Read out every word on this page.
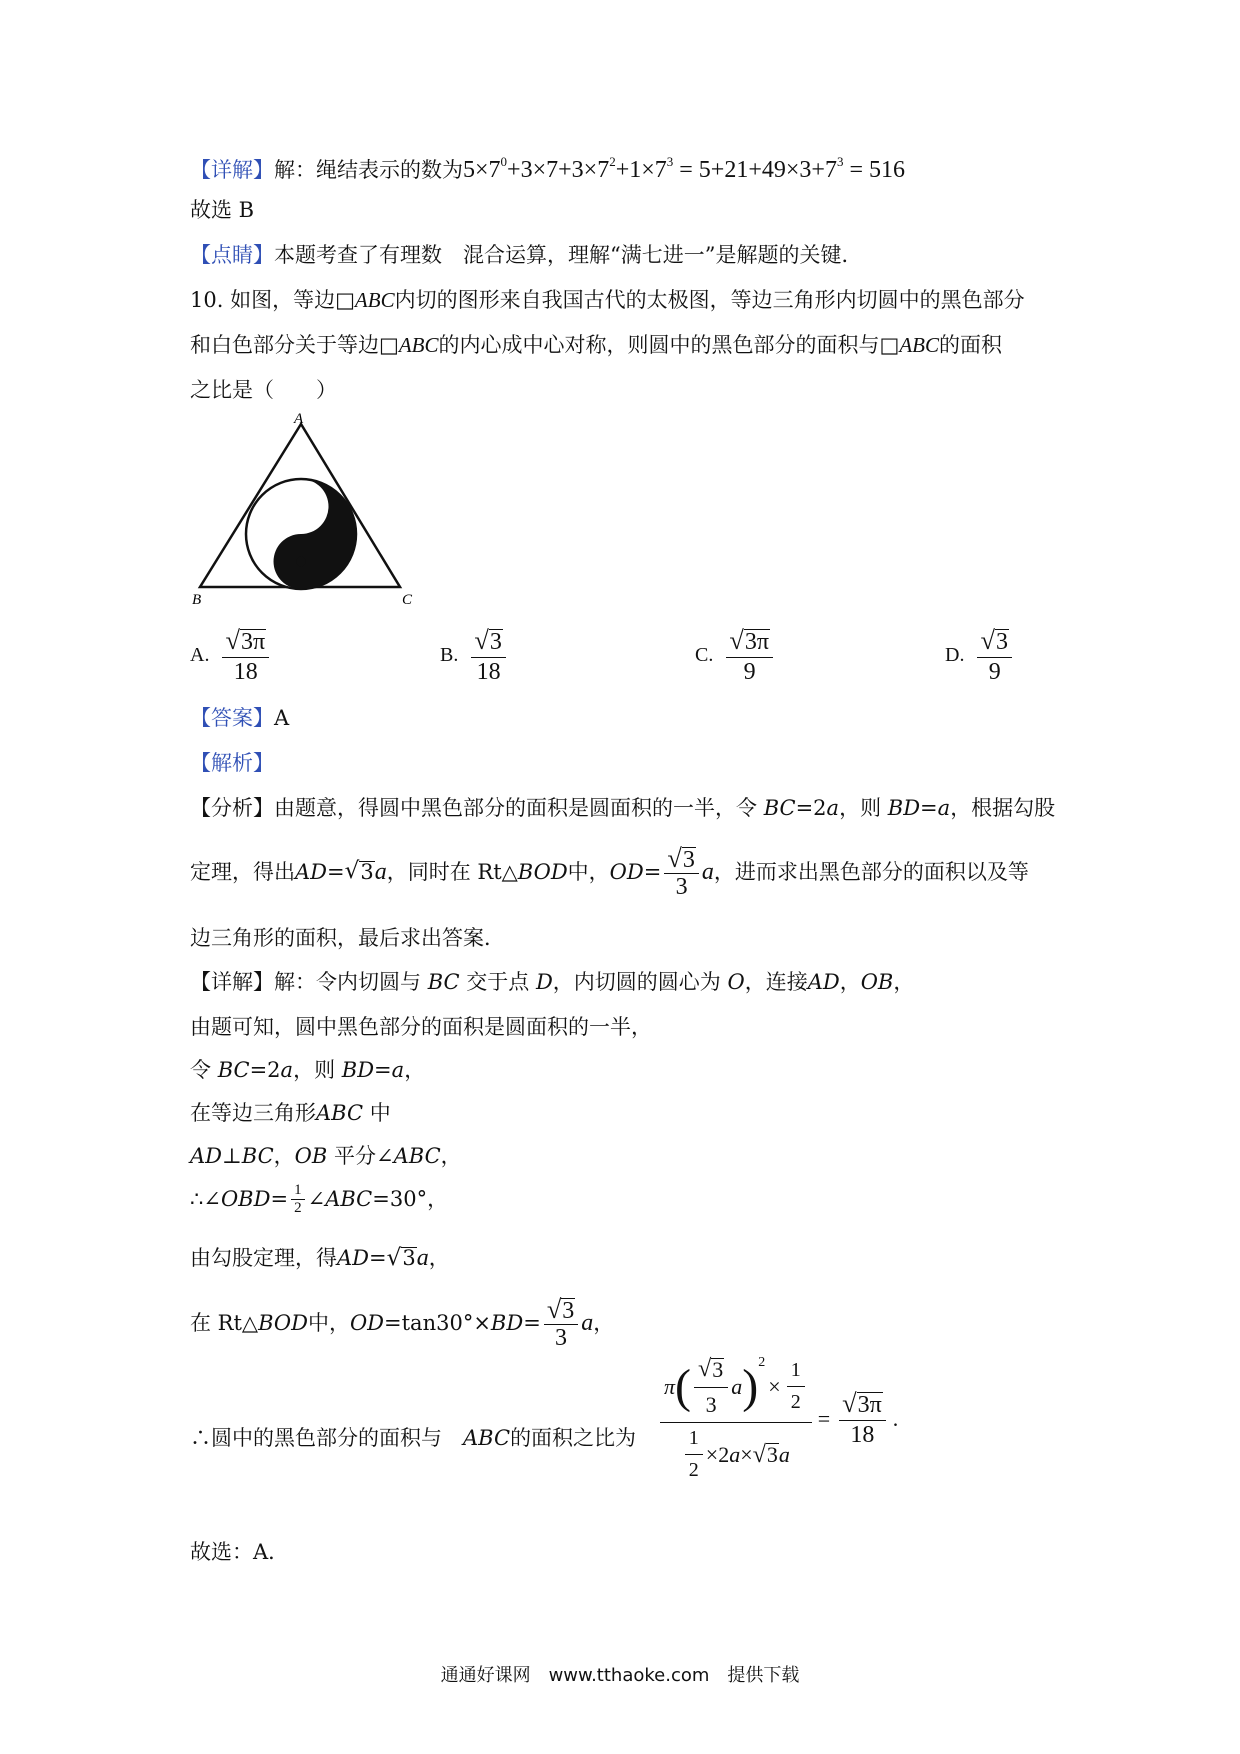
【详解】解：绳结表示的数为$5\times 7^0+3\times 7+3\times 7^2+1\times 7^3 = 5+21+49\times 3+7^3 = 516$
故选 B
【点睛】本题考查了有理数　混合运算，理解“满七进一”是解题的关键．
10. 如图，等边□ABC内切的图形来自我国古代的太极图，等边三角形内切圆中的黑色部分
和白色部分关于等边□ABC的内心成中心对称，则圆中的黑色部分的面积与□ABC的面积
之比是（　　）
A
B	C
A. $\frac{√3\pi}{18}$	B. $\frac{√3}{18}$	C. $\frac{√3\pi}{9}$	D. $\frac{√3}{9}$
【答案】A
【解析】
【分析】由题意，得圆中黑色部分的面积是圆面积的一半，令 BC=2a，则 BD=a，根据勾股
定理，得出 AD = √ 3 a ，同时在 Rt△ BOD 中， OD = $\frac{√3}{3}$ a ，进而求出黑色部分的面积以及等
边三角形的面积，最后求出答案．
【详解】解：令内切圆与 BC 交于点 D，内切圆的圆心为 O，连接AD，OB，
由题可知，圆中黑色部分的面积是圆面积的一半，
令 BC=2a，则 BD=a，
在等边三角形ABC 中
AD⊥BC，OB 平分∠ABC，
∴∠ OBD = $\frac{1}{2}$ ∠ ABC =30°，
由勾股定理，得AD=√3a，
在 Rt△ BOD 中， OD =tan30°× BD = $\frac{√3}{3}$ a ，
∴圆中的黑色部分的面积与　ABC的面积之比为 π ( $\frac{√ 3}{3}$ a )$^2$
× $\frac{1}{2}$
$\frac{1}{2} \times 2$ a × √ 3 $a = \frac{√3\pi}{18}$ .
故选：A．
通通好课网　www.tthaoke.com　提供下载
